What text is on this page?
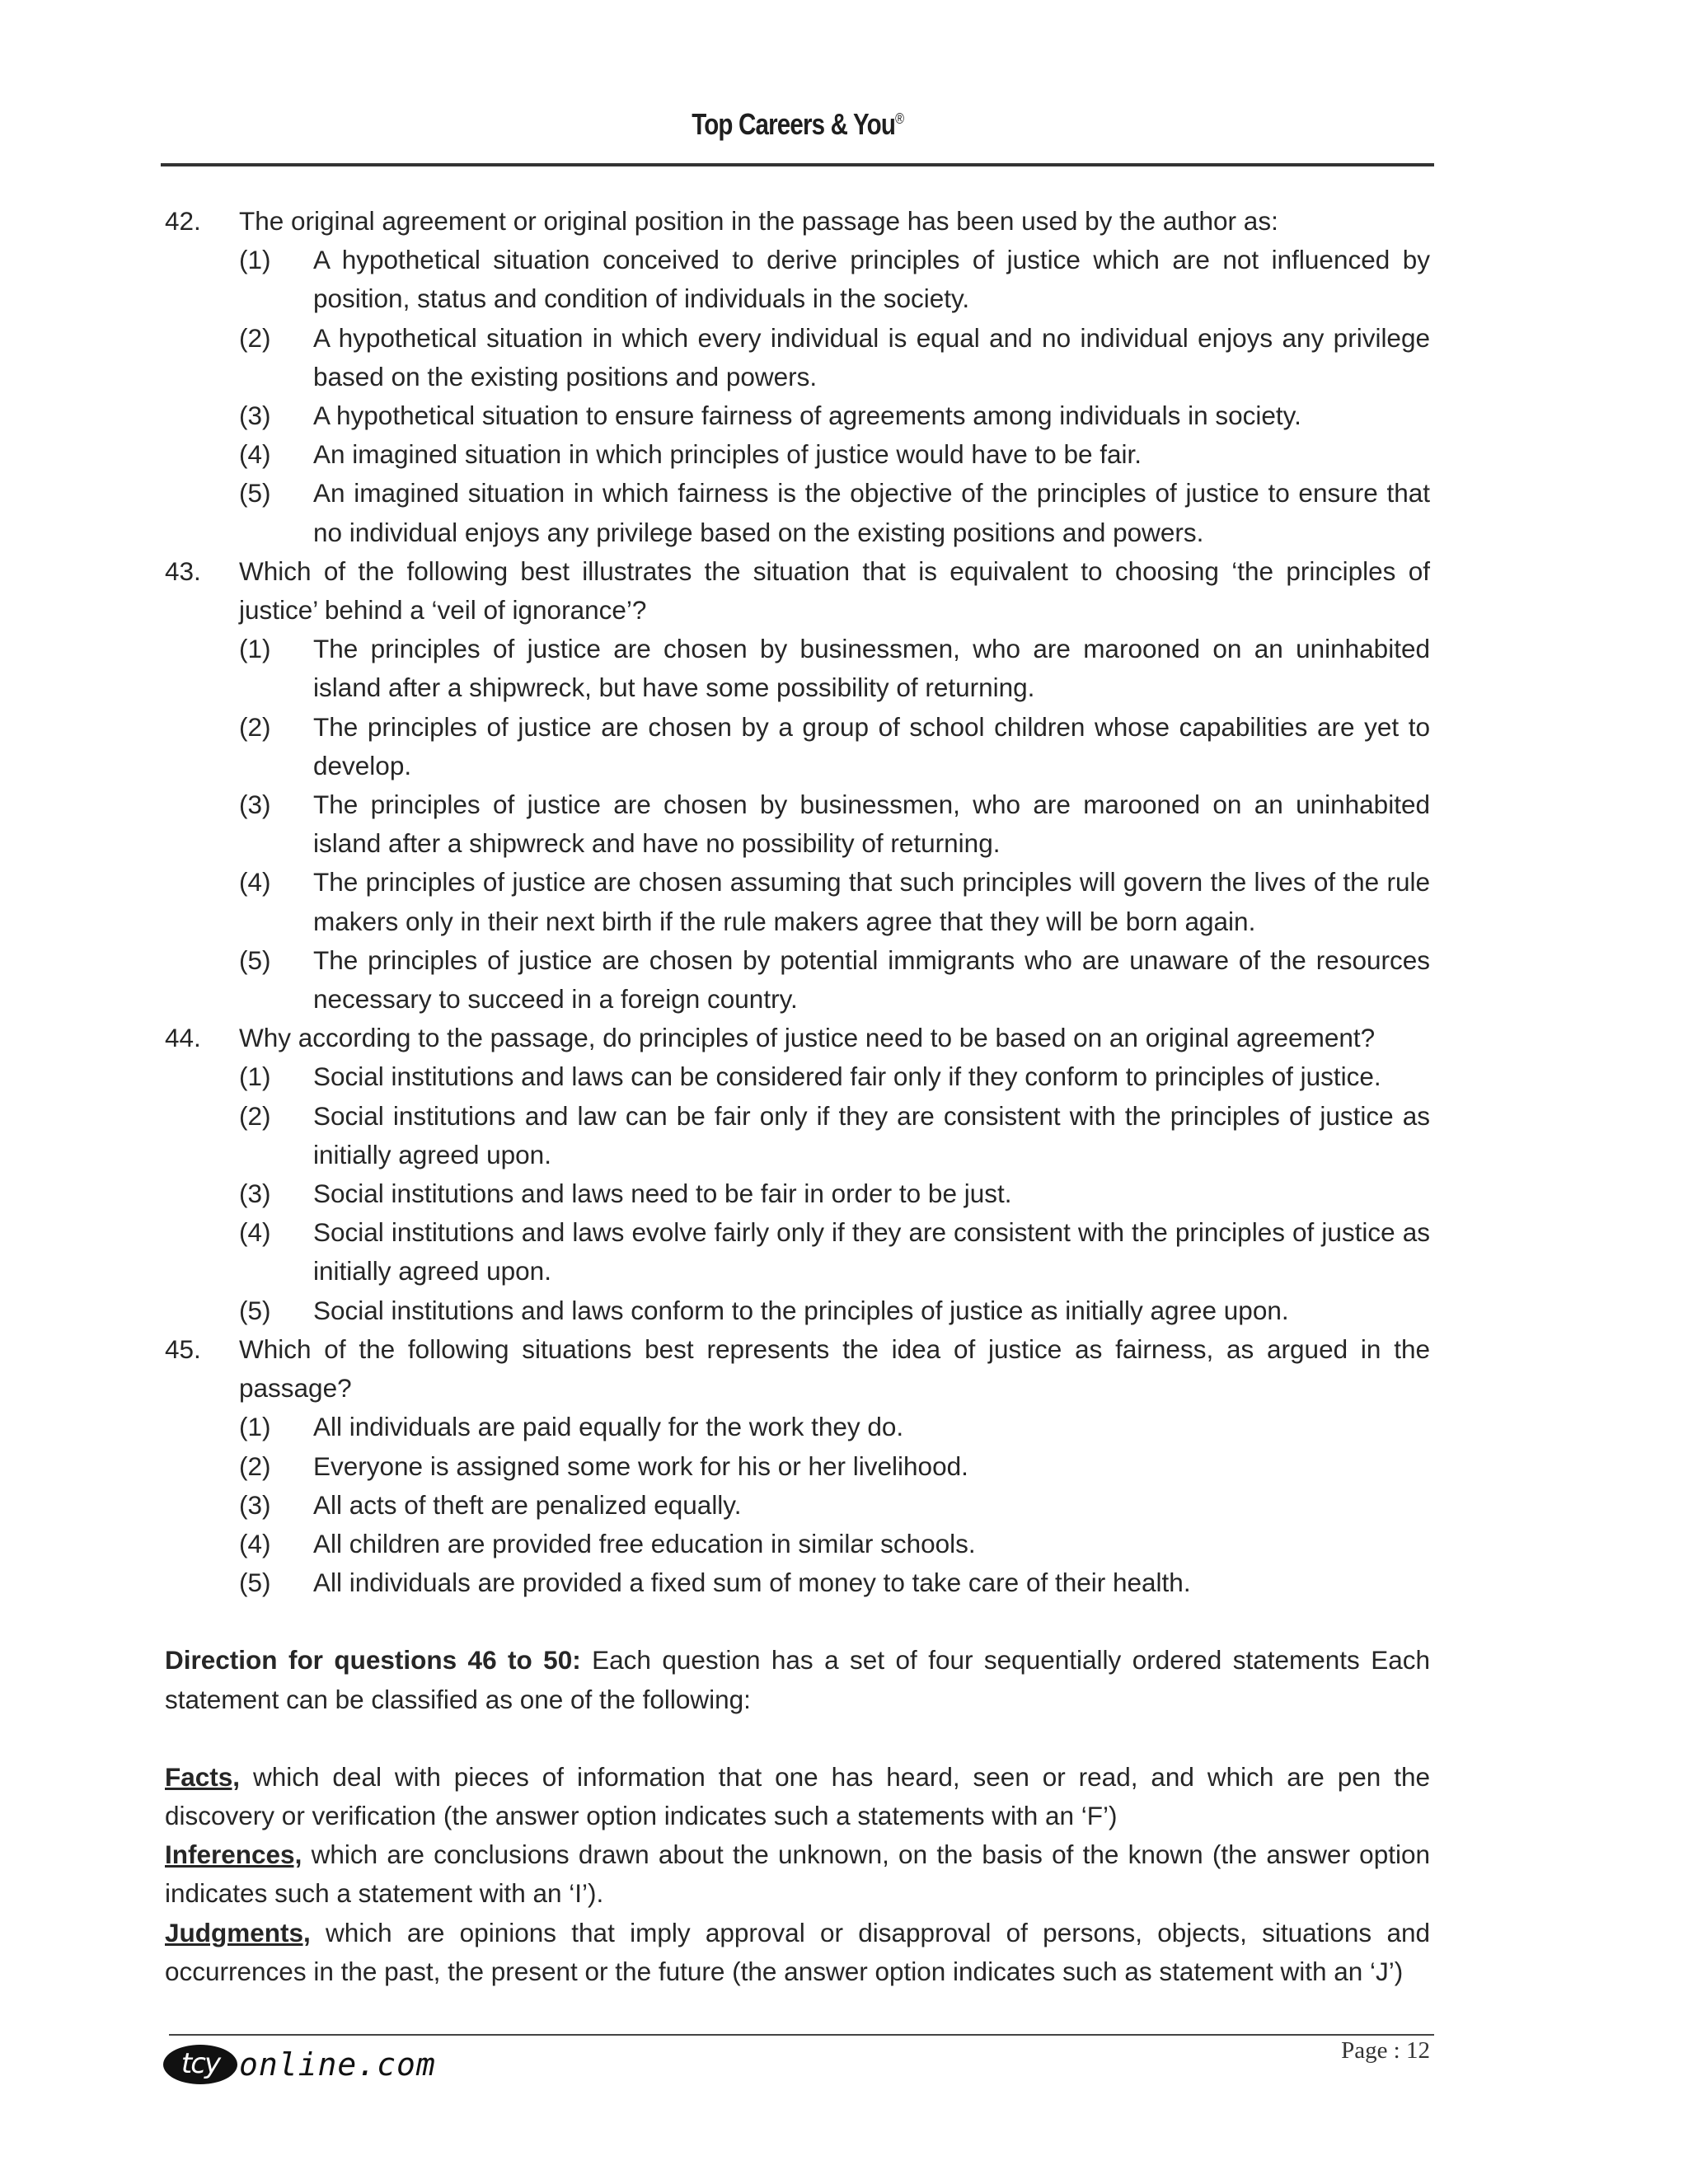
Top Careers & You®
42. The original agreement or original position in the passage has been used by the author as:
(1) A hypothetical situation conceived to derive principles of justice which are not influenced by position, status and condition of individuals in the society.
(2) A hypothetical situation in which every individual is equal and no individual enjoys any privilege based on the existing positions and powers.
(3) A hypothetical situation to ensure fairness of agreements among individuals in society.
(4) An imagined situation in which principles of justice would have to be fair.
(5) An imagined situation in which fairness is the objective of the principles of justice to ensure that no individual enjoys any privilege based on the existing positions and powers.
43. Which of the following best illustrates the situation that is equivalent to choosing ‘the principles of justice’ behind a ‘veil of ignorance’?
(1) The principles of justice are chosen by businessmen, who are marooned on an uninhabited island after a shipwreck, but have some possibility of returning.
(2) The principles of justice are chosen by a group of school children whose capabilities are yet to develop.
(3) The principles of justice are chosen by businessmen, who are marooned on an uninhabited island after a shipwreck and have no possibility of returning.
(4) The principles of justice are chosen assuming that such principles will govern the lives of the rule makers only in their next birth if the rule makers agree that they will be born again.
(5) The principles of justice are chosen by potential immigrants who are unaware of the resources necessary to succeed in a foreign country.
44. Why according to the passage, do principles of justice need to be based on an original agreement?
(1) Social institutions and laws can be considered fair only if they conform to principles of justice.
(2) Social institutions and law can be fair only if they are consistent with the principles of justice as initially agreed upon.
(3) Social institutions and laws need to be fair in order to be just.
(4) Social institutions and laws evolve fairly only if they are consistent with the principles of justice as initially agreed upon.
(5) Social institutions and laws conform to the principles of justice as initially agree upon.
45. Which of the following situations best represents the idea of justice as fairness, as argued in the passage?
(1) All individuals are paid equally for the work they do.
(2) Everyone is assigned some work for his or her livelihood.
(3) All acts of theft are penalized equally.
(4) All children are provided free education in similar schools.
(5) All individuals are provided a fixed sum of money to take care of their health.
Direction for questions 46 to 50: Each question has a set of four sequentially ordered statements Each statement can be classified as one of the following:
Facts, which deal with pieces of information that one has heard, seen or read, and which are pen the discovery or verification (the answer option indicates such a statements with an ‘F’)
Inferences, which are conclusions drawn about the unknown, on the basis of the known (the answer option indicates such a statement with an ‘I’).
Judgments, which are opinions that imply approval or disapproval of persons, objects, situations and occurrences in the past, the present or the future (the answer option indicates such as statement with an ‘J’)
tcy online.com	Page : 12
